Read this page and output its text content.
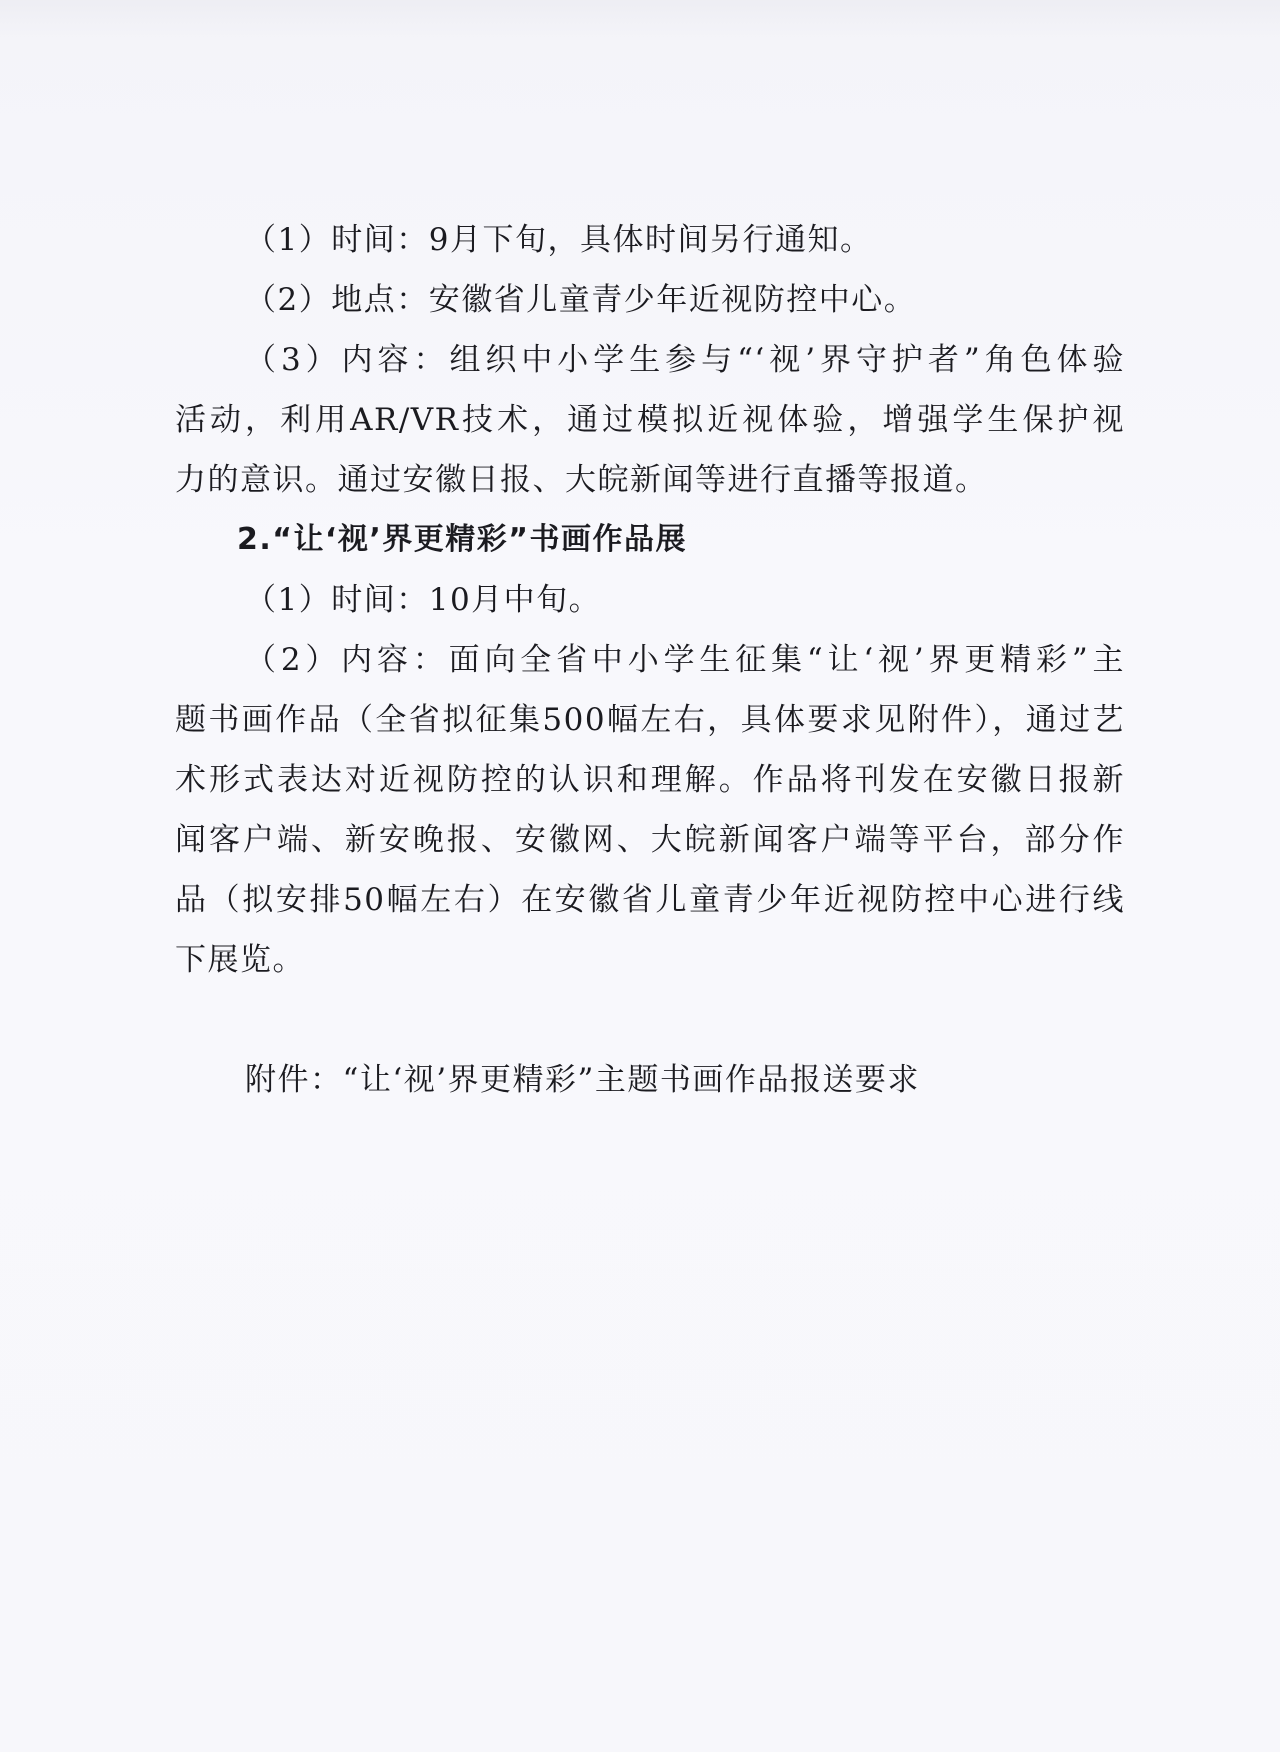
（1）时间：9月下旬，具体时间另行通知。
（2）地点：安徽省儿童青少年近视防控中心。
（3）内容：组织中小学生参与“‘视’界守护者”角色体验
活动，利用AR/VR技术，通过模拟近视体验，增强学生保护视
力的意识。通过安徽日报、大皖新闻等进行直播等报道。
2.“让‘视’界更精彩”书画作品展
（1）时间：10月中旬。
（2）内容：面向全省中小学生征集“让‘视’界更精彩”主
题书画作品（全省拟征集500幅左右，具体要求见附件），通过艺
术形式表达对近视防控的认识和理解。作品将刊发在安徽日报新
闻客户端、新安晚报、安徽网、大皖新闻客户端等平台，部分作
品（拟安排50幅左右）在安徽省儿童青少年近视防控中心进行线
下展览。
附件：“让‘视’界更精彩”主题书画作品报送要求
